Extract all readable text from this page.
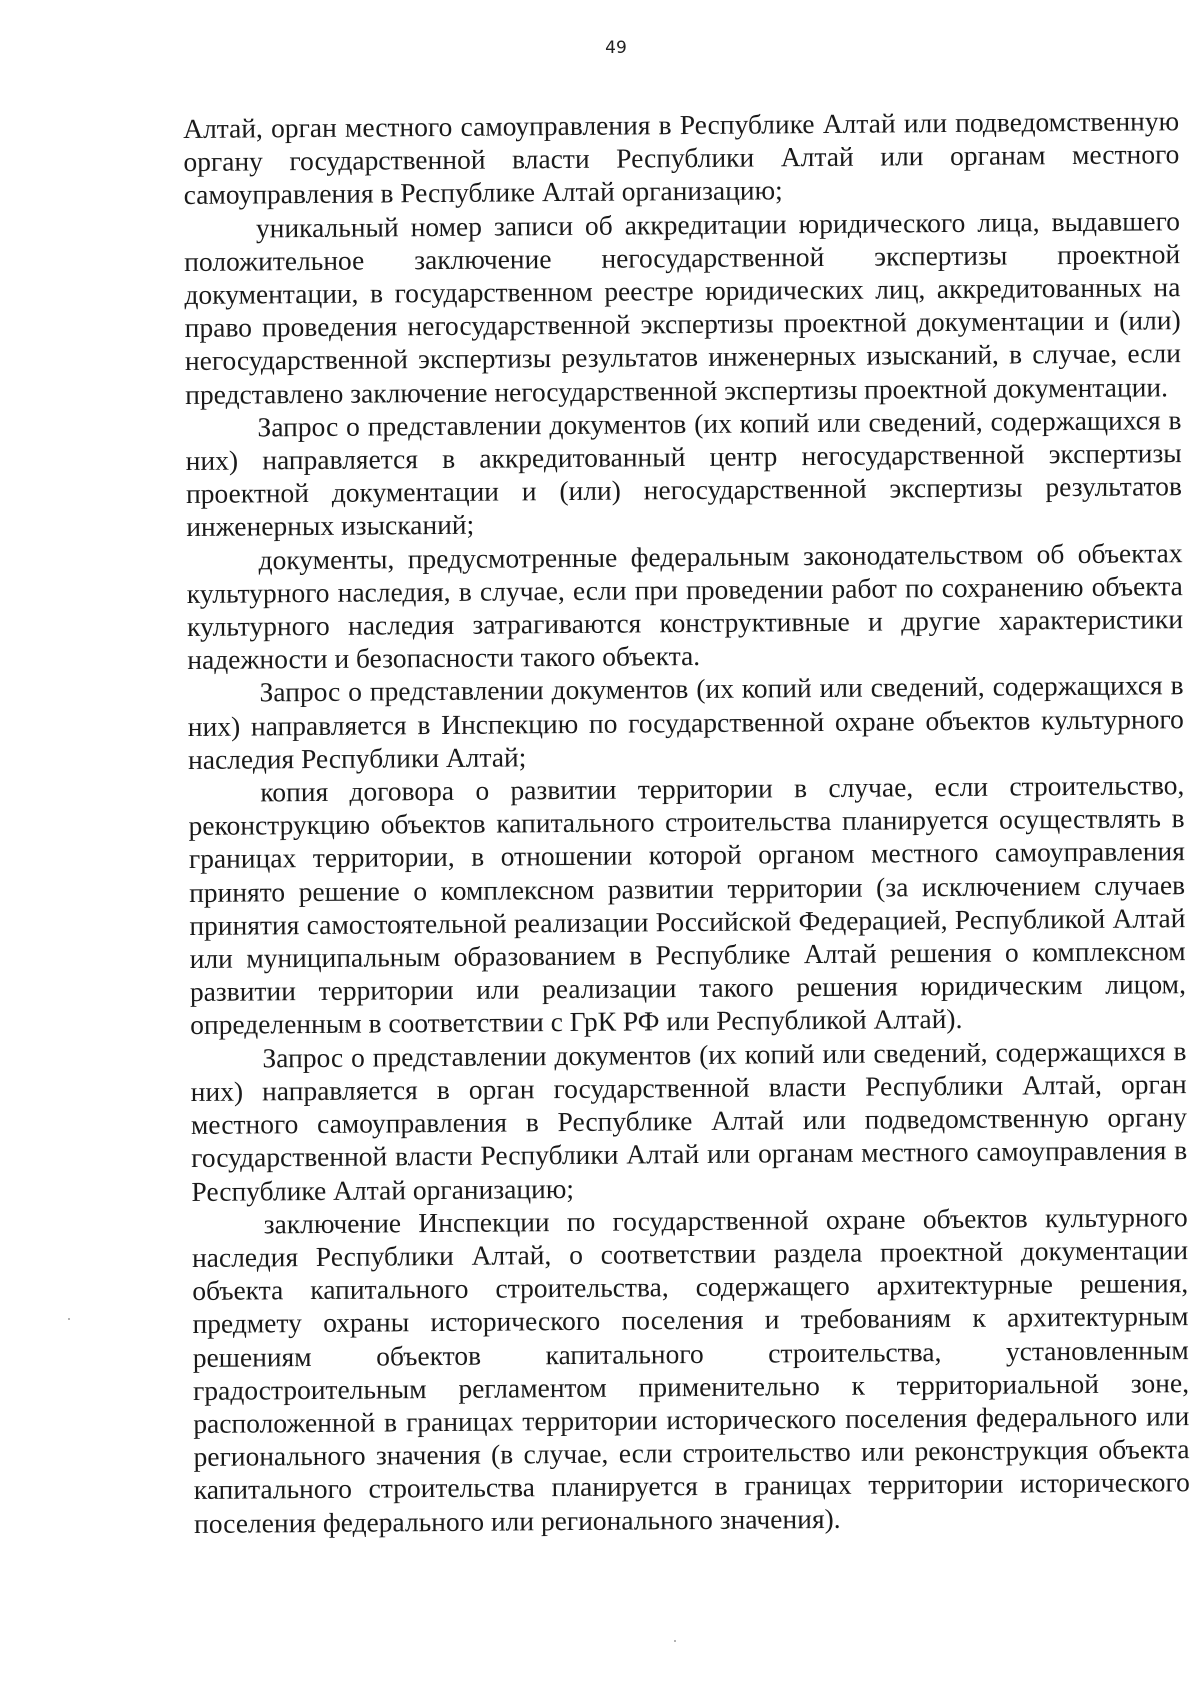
49

Алтай, орган местного самоуправления в Республике Алтай или подведомственную органу государственной власти Республики Алтай или органам местного самоуправления в Республике Алтай организацию;

уникальный номер записи об аккредитации юридического лица, выдавшего положительное заключение негосударственной экспертизы проектной документации, в государственном реестре юридических лиц, аккредитованных на право проведения негосударственной экспертизы проектной документации и (или) негосударственной экспертизы результатов инженерных изысканий, в случае, если представлено заключение негосударственной экспертизы проектной документации.

Запрос о представлении документов (их копий или сведений, содержащихся в них) направляется в аккредитованный центр негосударственной экспертизы проектной документации и (или) негосударственной экспертизы результатов инженерных изысканий;

документы, предусмотренные федеральным законодательством об объектах культурного наследия, в случае, если при проведении работ по сохранению объекта культурного наследия затрагиваются конструктивные и другие характеристики надежности и безопасности такого объекта.

Запрос о представлении документов (их копий или сведений, содержащихся в них) направляется в Инспекцию по государственной охране объектов культурного наследия Республики Алтай;

копия договора о развитии территории в случае, если строительство, реконструкцию объектов капитального строительства планируется осуществлять в границах территории, в отношении которой органом местного самоуправления принято решение о комплексном развитии территории (за исключением случаев принятия самостоятельной реализации Российской Федерацией, Республикой Алтай или муниципальным образованием в Республике Алтай решения о комплексном развитии территории или реализации такого решения юридическим лицом, определенным в соответствии с ГрК РФ или Республикой Алтай).

Запрос о представлении документов (их копий или сведений, содержащихся в них) направляется в орган государственной власти Республики Алтай, орган местного самоуправления в Республике Алтай или подведомственную органу государственной власти Республики Алтай или органам местного самоуправления в Республике Алтай организацию;

заключение Инспекции по государственной охране объектов культурного наследия Республики Алтай, о соответствии раздела проектной документации объекта капитального строительства, содержащего архитектурные решения, предмету охраны исторического поселения и требованиям к архитектурным решениям объектов капитального строительства, установленным градостроительным регламентом применительно к территориальной зоне, расположенной в границах территории исторического поселения федерального или регионального значения (в случае, если строительство или реконструкция объекта капитального строительства планируется в границах территории исторического поселения федерального или регионального значения).
